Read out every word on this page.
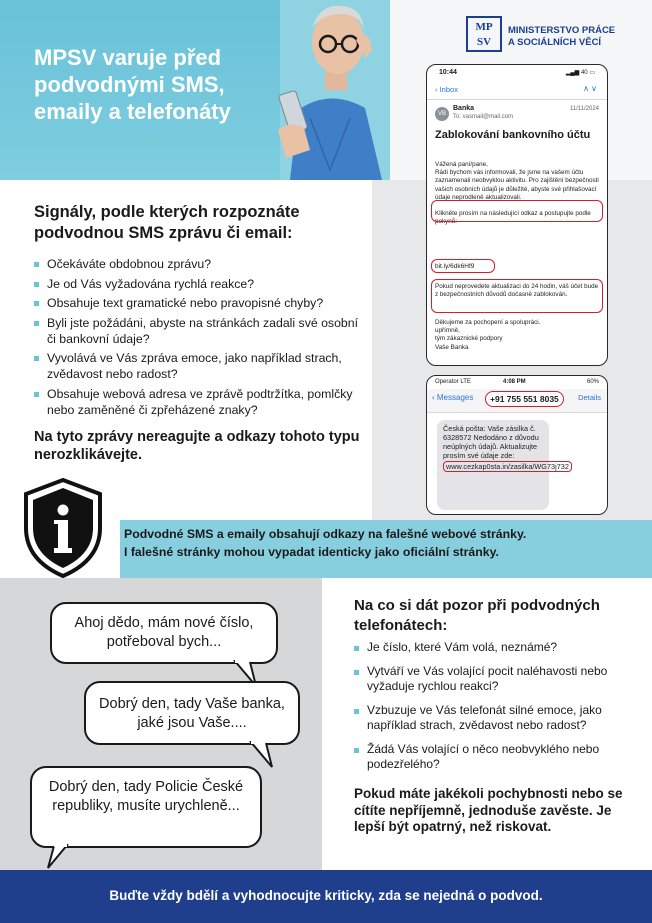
MPSV varuje před podvodnými SMS, emaily a telefonáty
MP
SV
MINISTERSTVO PRÁCE
A SOCIÁLNÍCH VĚCÍ
Signály, podle kterých rozpoznáte podvodnou SMS zprávu či email:
Očekáváte obdobnou zprávu?
Je od Vás vyžadována rychlá reakce?
Obsahuje text gramatické nebo pravopisné chyby?
Byli jste požádáni, abyste na stránkách zadali své osobní či bankovní údaje?
Vyvolává ve Vás zpráva emoce, jako například strach, zvědavost nebo radost?
Obsahuje webová adresa ve zprávě podtržítka, pomlčky nebo zaměněné či zpřeházené znaky?

Na tyto zprávy nereagujte a odkazy tohoto typu nerozklikávejte.

10:44	▂▄▆ 40 ▭
‹ Inbox	∧ ∨
VB
Banka
To: vasmail@mail.com
11/11/2024
Zablokování bankovního účtu
Vážená paní/pane,
Rádi bychom vás informovali, že jsme na vašem účtu zaznamenali neobvyklou aktivitu. Pro zajištění bezpečnosti vašich osobních údajů je důležité, abyste své přihlašovací údaje neprodleně aktualizovali.
Klikněte prosím na následující odkaz a postupujte podle pokynů:
bit.ly/6dk6Hf9
Pokud neprovedete aktualizaci do 24 hodin, váš účet bude z bezpečnostních důvodů dočasně zablokován.
Děkujeme za pochopení a spolupráci.
upřímně,
tým zákaznické podpory
Vaše Banka
Operator LTE	4:08 PM	60%
‹ Messages	+91 755 551 8035	Details
Česká pošta: Vaše zásilka č. 6328572 Nedodáno z důvodu neúplných údajů. Aktualizujte prosím své údaje zde: www.cezkap0sta.in/zasilka/WG73j732
Podvodné SMS a emaily obsahují odkazy na falešné webové stránky.
I falešné stránky mohou vypadat identicky jako oficiální stránky.
Ahoj dědo, mám nové číslo, potřeboval bych...
Dobrý den, tady Vaše banka, jaké jsou Vaše....
Dobrý den, tady Policie České republiky, musíte urychleně...
Na co si dát pozor při podvodných telefonátech:
Je číslo, které Vám volá, neznámé?
Vytváří ve Vás volající pocit naléhavosti nebo vyžaduje rychlou reakci?
Vzbuzuje ve Vás telefonát silné emoce, jako například strach, zvědavost nebo radost?
Žádá Vás volající o něco neobvyklého nebo podezřelého?

Pokud máte jakékoli pochybnosti nebo se cítíte nepříjemně, jednoduše zavěste. Je lepší být opatrný, než riskovat.

Buďte vždy bdělí a vyhodnocujte kriticky, zda se nejedná o podvod.
